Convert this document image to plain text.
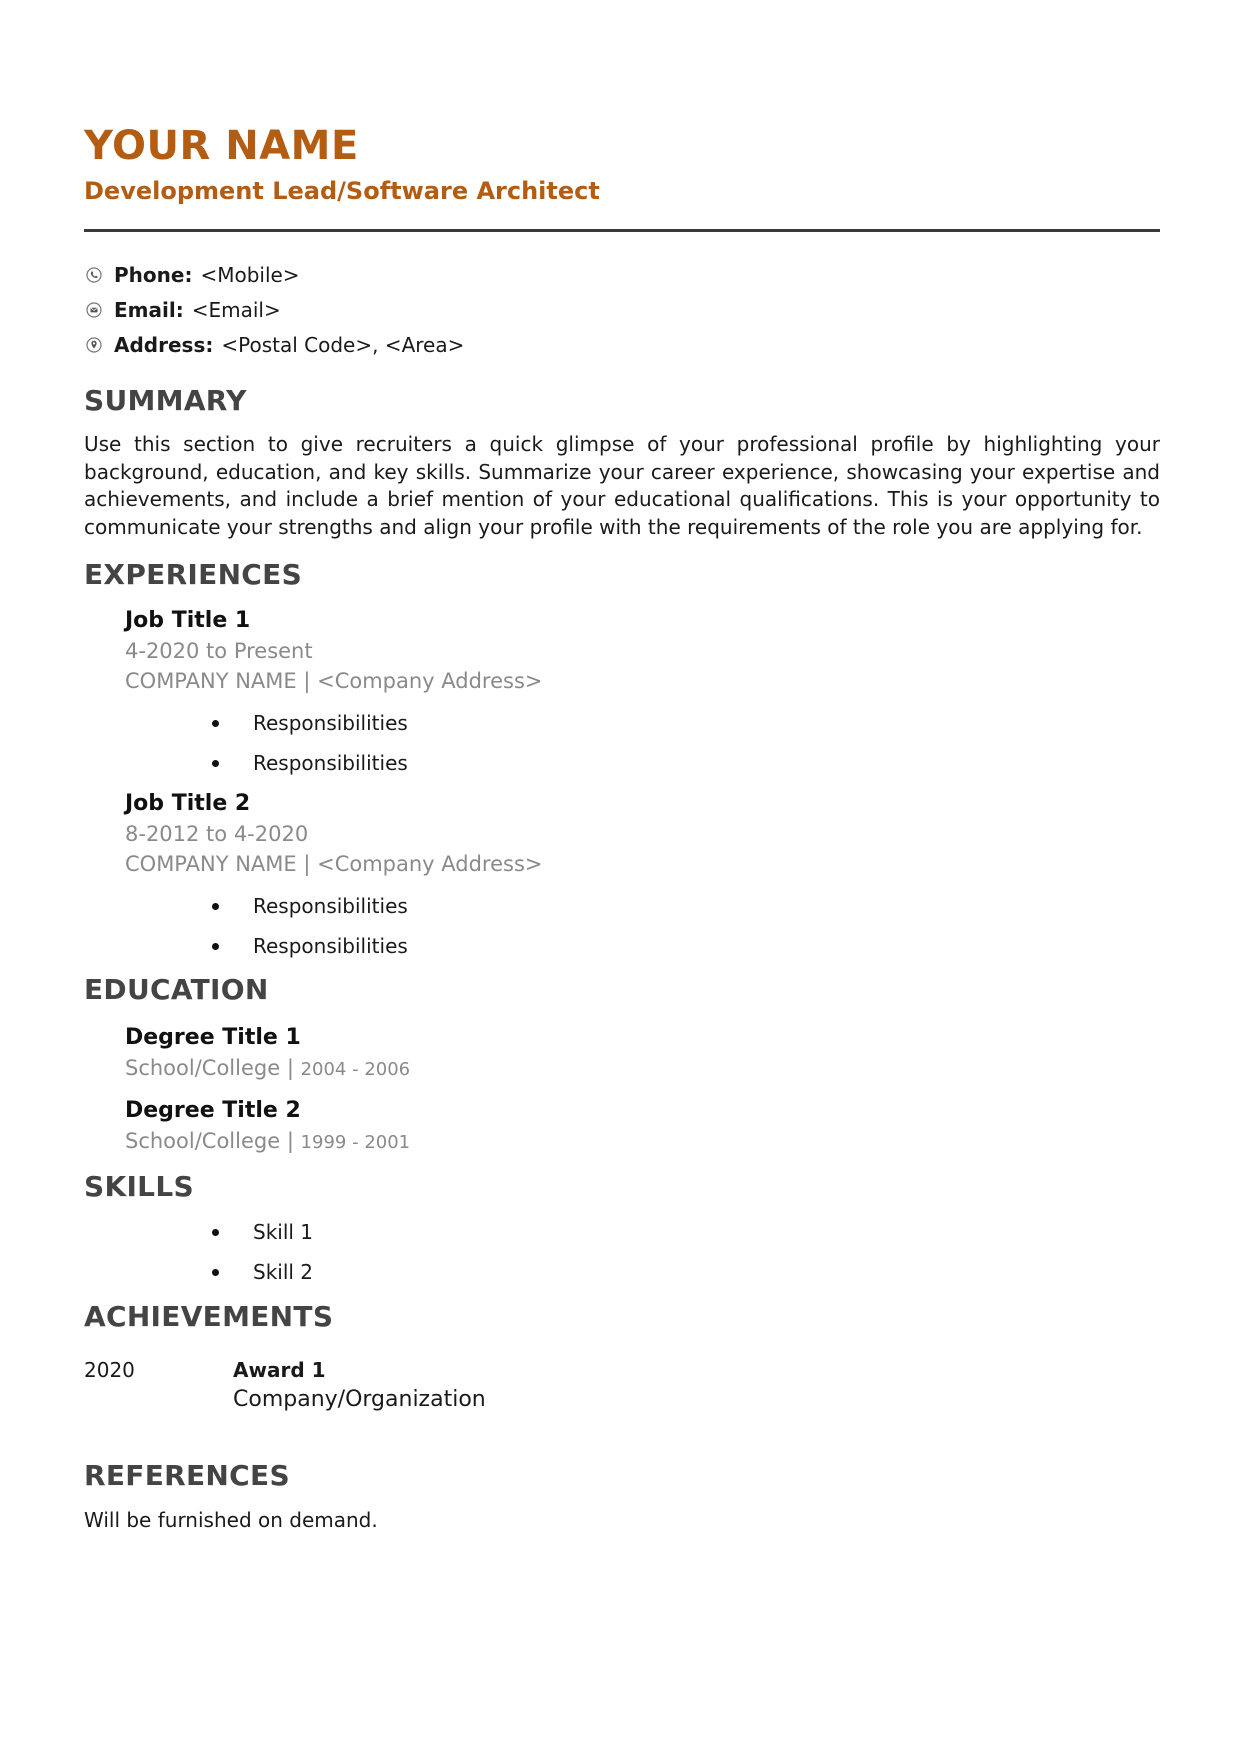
YOUR NAME
Development Lead/Software Architect
Phone: <Mobile>
Email: <Email>
Address: <Postal Code>, <Area>
SUMMARY
Use this section to give recruiters a quick glimpse of your professional profile by highlighting your background, education, and key skills. Summarize your career experience, showcasing your expertise and achievements, and include a brief mention of your educational qualifications. This is your opportunity to communicate your strengths and align your profile with the requirements of the role you are applying for.
EXPERIENCES
Job Title 1
4-2020 to Present
COMPANY NAME | <Company Address>
Responsibilities
Responsibilities
Job Title 2
8-2012 to 4-2020
COMPANY NAME | <Company Address>
Responsibilities
Responsibilities
EDUCATION
Degree Title 1
School/College | 2004 - 2006
Degree Title 2
School/College | 1999 - 2001
SKILLS
Skill 1
Skill 2
ACHIEVEMENTS
2020	Award 1
Company/Organization
REFERENCES
Will be furnished on demand.
